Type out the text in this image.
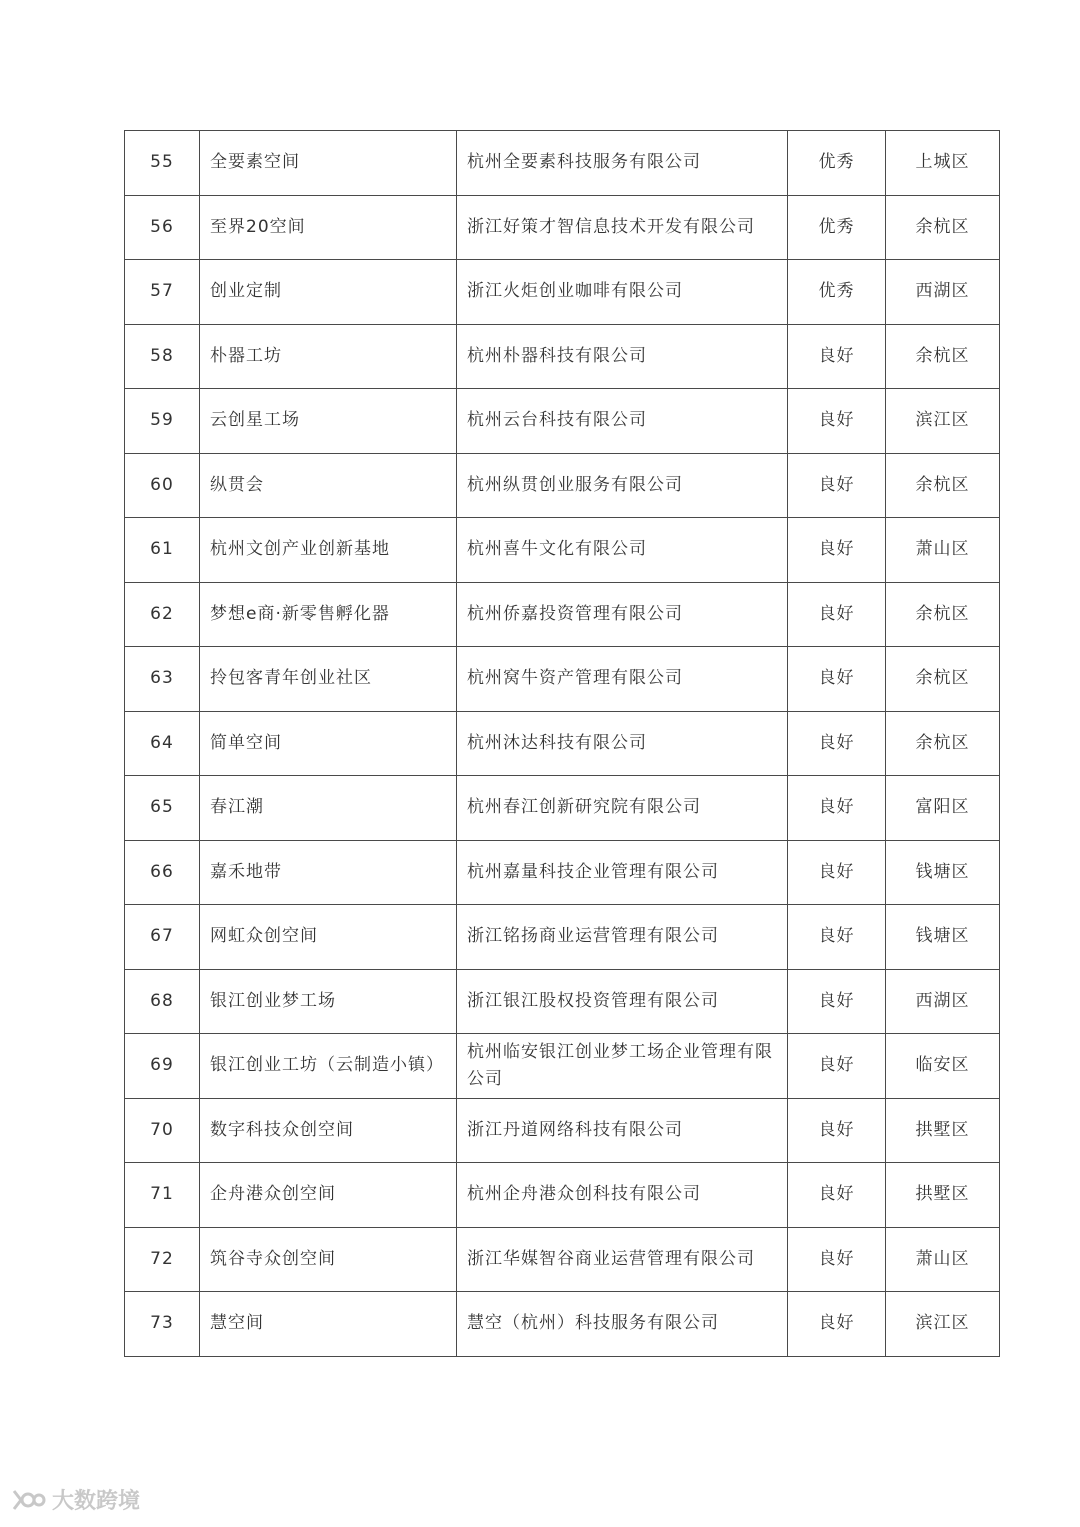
55	全要素空间	杭州全要素科技服务有限公司	优秀	上城区
56	至界20空间	浙江好策才智信息技术开发有限公司	优秀	余杭区
57	创业定制	浙江火炬创业咖啡有限公司	优秀	西湖区
58	朴器工坊	杭州朴器科技有限公司	良好	余杭区
59	云创星工场	杭州云台科技有限公司	良好	滨江区
60	纵贯会	杭州纵贯创业服务有限公司	良好	余杭区
61	杭州文创产业创新基地	杭州喜牛文化有限公司	良好	萧山区
62	梦想e商·新零售孵化器	杭州侨嘉投资管理有限公司	良好	余杭区
63	拎包客青年创业社区	杭州窝牛资产管理有限公司	良好	余杭区
64	简单空间	杭州沐达科技有限公司	良好	余杭区
65	春江潮	杭州春江创新研究院有限公司	良好	富阳区
66	嘉禾地带	杭州嘉量科技企业管理有限公司	良好	钱塘区
67	网虹众创空间	浙江铭扬商业运营管理有限公司	良好	钱塘区
68	银江创业梦工场	浙江银江股权投资管理有限公司	良好	西湖区
69	银江创业工坊（云制造小镇）	杭州临安银江创业梦工场企业管理有限公司	良好	临安区
70	数字科技众创空间	浙江丹道网络科技有限公司	良好	拱墅区
71	企舟港众创空间	杭州企舟港众创科技有限公司	良好	拱墅区
72	筑谷寺众创空间	浙江华媒智谷商业运营管理有限公司	良好	萧山区
73	慧空间	慧空（杭州）科技服务有限公司	良好	滨江区
大数跨境
